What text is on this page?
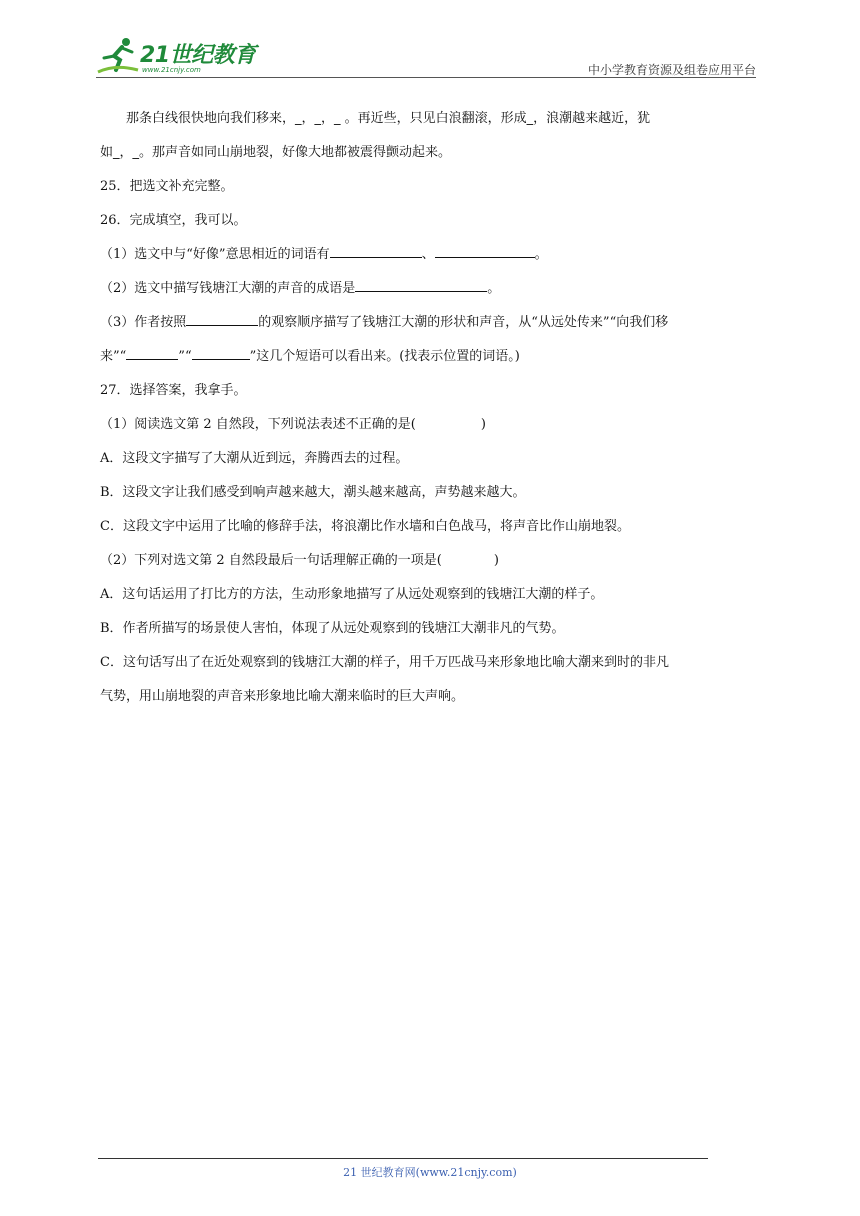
21世纪教育
www.21cnjy.com	中小学教育资源及组卷应用平台
那条白线很快地向我们移来，_，_，_ 。再近些，只见白浪翻滚，形成_，浪潮越来越近，犹
如_，_。那声音如同山崩地裂，好像大地都被震得颤动起来。
25．把选文补充完整。
26．完成填空，我可以。
（1）选文中与“好像”意思相近的词语有	、	。
（2）选文中描写钱塘江大潮的声音的成语是	。
（3）作者按照	的观察顺序描写了钱塘江大潮的形状和声音，从“从远处传来”“向我们移
来”“	”“	”这几个短语可以看出来。(找表示位置的词语。)
27．选择答案，我拿手。
（1）阅读选文第 2 自然段，下列说法表述不正确的是(　　　　　)
A．这段文字描写了大潮从近到远，奔腾西去的过程。
B．这段文字让我们感受到响声越来越大，潮头越来越高，声势越来越大。
C．这段文字中运用了比喻的修辞手法，将浪潮比作水墙和白色战马，将声音比作山崩地裂。
（2）下列对选文第 2 自然段最后一句话理解正确的一项是(　　　　)
A．这句话运用了打比方的方法，生动形象地描写了从远处观察到的钱塘江大潮的样子。
B．作者所描写的场景使人害怕，体现了从远处观察到的钱塘江大潮非凡的气势。
C．这句话写出了在近处观察到的钱塘江大潮的样子，用千万匹战马来形象地比喻大潮来到时的非凡
气势，用山崩地裂的声音来形象地比喻大潮来临时的巨大声响。
21 世纪教育网(www.21cnjy.com)
